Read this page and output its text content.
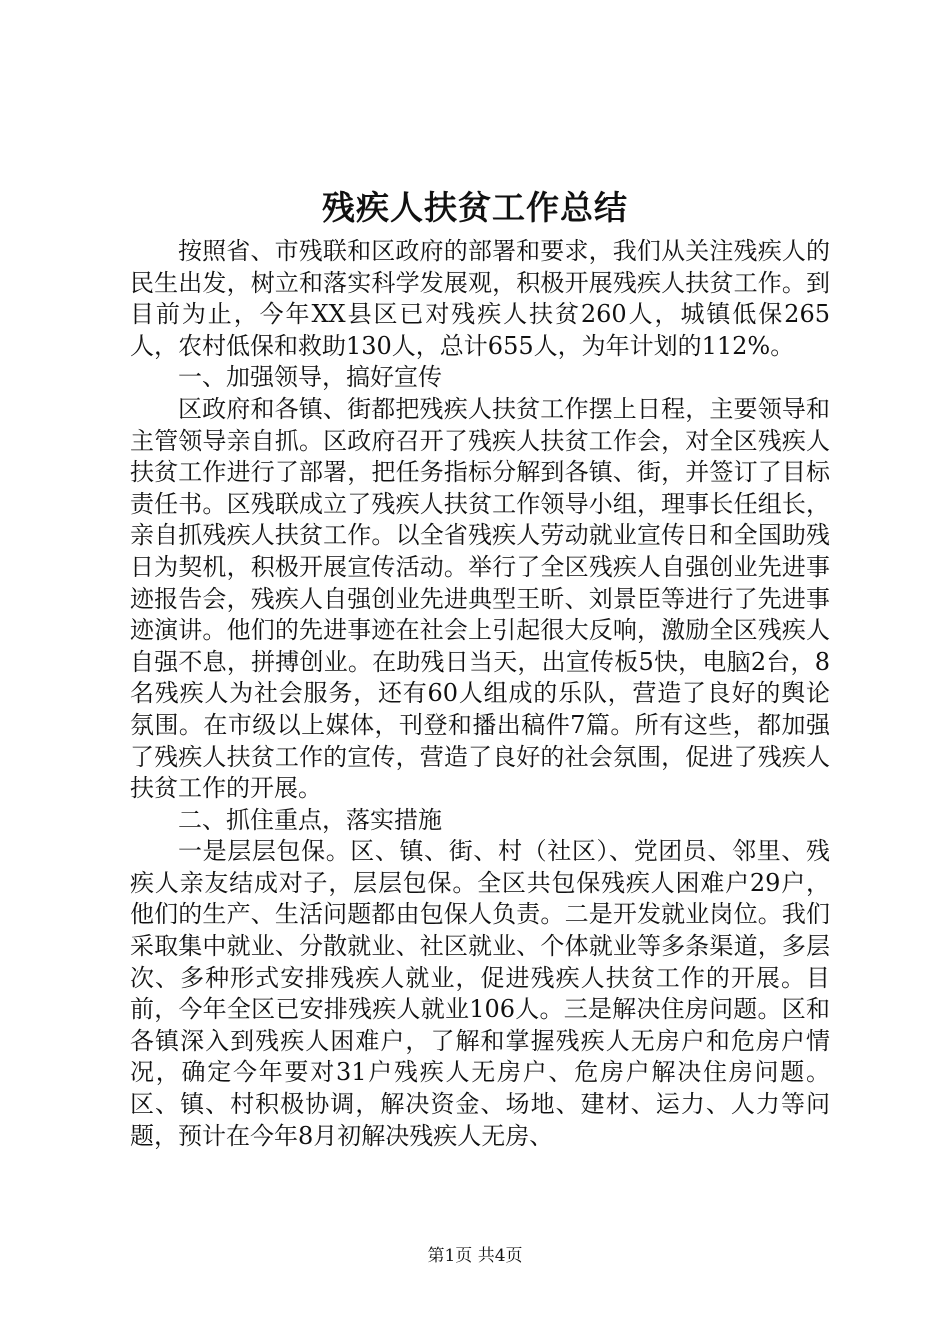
残疾人扶贫工作总结

按照省、市残联和区政府的部署和要求，我们从关注残疾人的民生出发，树立和落实科学发展观，积极开展残疾人扶贫工作。到目前为止，今年XX县区已对残疾人扶贫260人，城镇低保265人，农村低保和救助130人，总计655人，为年计划的112%。

一、加强领导，搞好宣传

区政府和各镇、街都把残疾人扶贫工作摆上日程，主要领导和主管领导亲自抓。区政府召开了残疾人扶贫工作会，对全区残疾人扶贫工作进行了部署，把任务指标分解到各镇、街，并签订了目标责任书。区残联成立了残疾人扶贫工作领导小组，理事长任组长，亲自抓残疾人扶贫工作。以全省残疾人劳动就业宣传日和全国助残日为契机，积极开展宣传活动。举行了全区残疾人自强创业先进事迹报告会，残疾人自强创业先进典型王昕、刘景臣等进行了先进事迹演讲。他们的先进事迹在社会上引起很大反响，激励全区残疾人自强不息，拼搏创业。在助残日当天，出宣传板5快，电脑2台，8名残疾人为社会服务，还有60人组成的乐队，营造了良好的舆论氛围。在市级以上媒体，刊登和播出稿件7篇。所有这些，都加强了残疾人扶贫工作的宣传，营造了良好的社会氛围，促进了残疾人扶贫工作的开展。

二、抓住重点，落实措施

一是层层包保。区、镇、街、村（社区）、党团员、邻里、残疾人亲友结成对子，层层包保。全区共包保残疾人困难户29户，他们的生产、生活问题都由包保人负责。二是开发就业岗位。我们采取集中就业、分散就业、社区就业、个体就业等多条渠道，多层次、多种形式安排残疾人就业，促进残疾人扶贫工作的开展。目前，今年全区已安排残疾人就业106人。三是解决住房问题。区和各镇深入到残疾人困难户，了解和掌握残疾人无房户和危房户情况，确定今年要对31户残疾人无房户、危房户解决住房问题。区、镇、村积极协调，解决资金、场地、建材、运力、人力等问题，预计在今年8月初解决残疾人无房、

第1页 共4页
